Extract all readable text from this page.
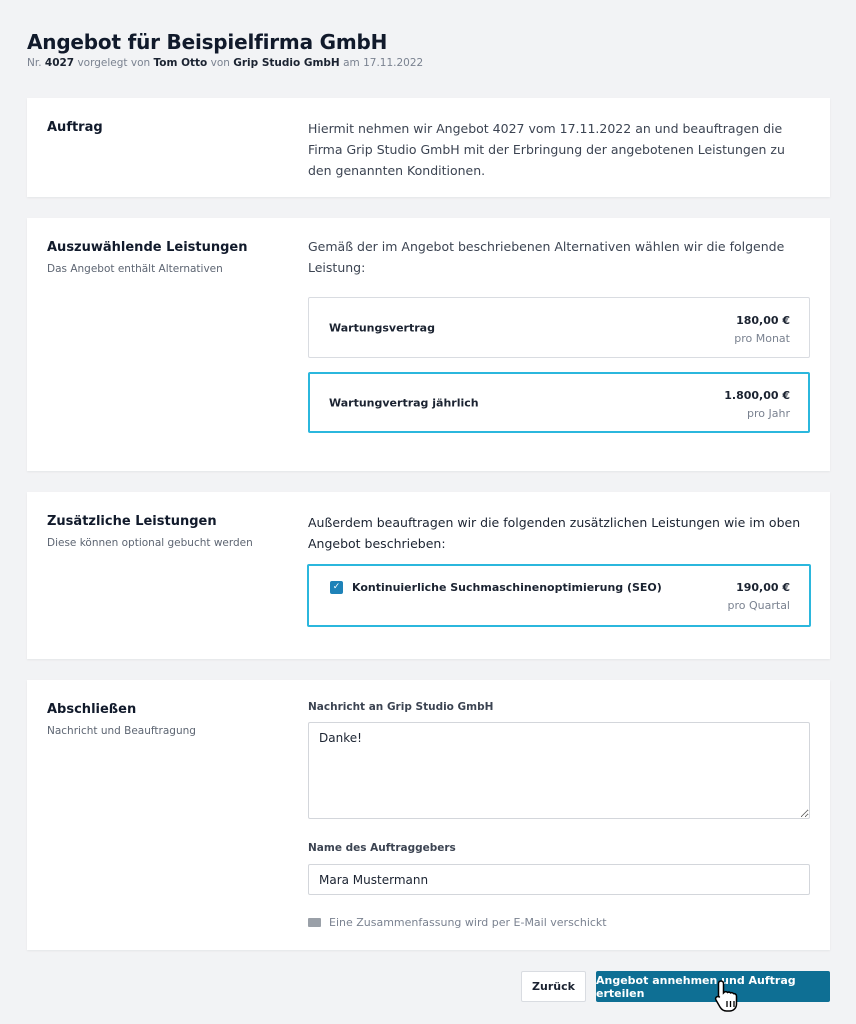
Angebot für Beispielfirma GmbH
Nr. 4027 vorgelegt von Tom Otto von Grip Studio GmbH am 17.11.2022
Auftrag	Hiermit nehmen wir Angebot 4027 vom 17.11.2022 an und beauftragen die Firma Grip Studio GmbH mit der Erbringung der angebotenen Leistungen zu den genannten Konditionen.
Auszuwählende Leistungen
Das Angebot enthält Alternativen
Gemäß der im Angebot beschriebenen Alternativen wählen wir die folgende Leistung:
Wartungsvertrag
180,00 €
pro Monat
Wartungvertrag jährlich
1.800,00 €
pro Jahr
Zusätzliche Leistungen
Diese können optional gebucht werden
Außerdem beauftragen wir die folgenden zusätzlichen Leistungen wie im oben Angebot beschrieben:
✓ Kontinuierliche Suchmaschinenoptimierung (SEO)	190,00 €
pro Quartal
Abschließen
Nachricht und Beauftragung
Nachricht an Grip Studio GmbH
Danke!
Name des Auftraggebers
Mara Mustermann
Eine Zusammenfassung wird per E-Mail verschickt
Zurück	Angebot annehmen und Auftrag erteilen
